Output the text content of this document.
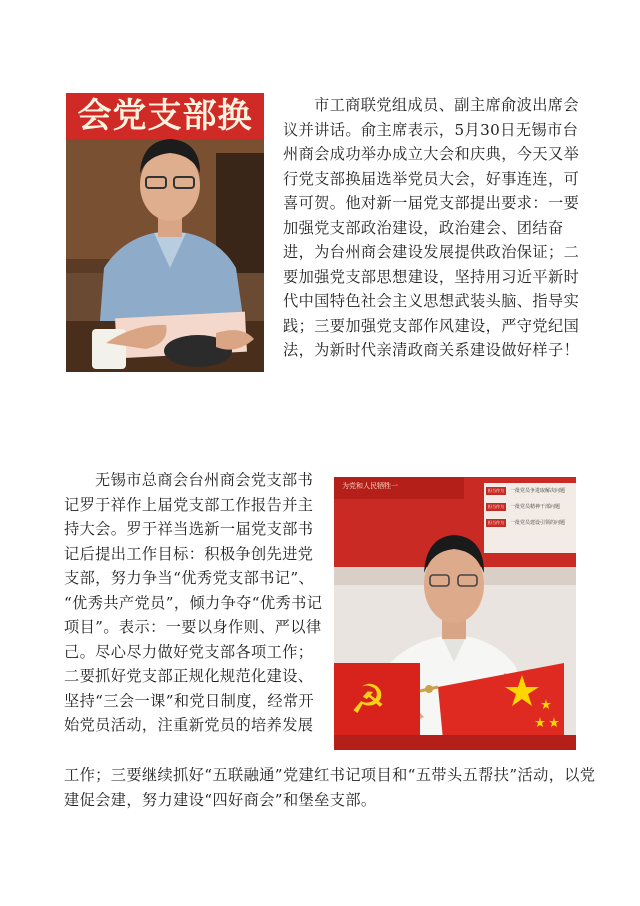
会党支部换	市工商联党组成员、副主席俞波出席会
议并讲话。俞主席表示，5月30日无锡市台
州商会成功举办成立大会和庆典，今天又举
行党支部换届选举党员大会，好事连连，可
喜可贺。他对新一届党支部提出要求：一要
加强党支部政治建设，政治建会、团结奋
进，为台州商会建设发展提供政治保证；二
要加强党支部思想建设，坚持用习近平新时
代中国特色社会主义思想武装头脑、指导实
践；三要加强党支部作风建设，严守党纪国
法，为新时代亲清政商关系建设做好样子！

无锡市总商会台州商会党支部书
记罗于祥作上届党支部工作报告并主
持大会。罗于祥当选新一届党支部书
记后提出工作目标：积极争创先进党
支部，努力争当“优秀党支部书记”、
“优秀共产党员”，倾力争夺“优秀书记
项目”。表示：一要以身作则、严以律
己。尽心尽力做好党支部各项工作；
二要抓好党支部正规化规范化建设、
坚持“三会一课”和党日制度，经常开
始党员活动，注重新党员的培养发展

工作；三要继续抓好“五联融通”党建红书记项目和“五带头五帮扶”活动，以党
建促会建，努力建设“四好商会”和堡垒支部。

☭
为党和人民牺牲一
担当作为
担当作为
担当作为
一批党员争进取解决问题
一批党员精神干部问题
一批党员建设引领的问题
